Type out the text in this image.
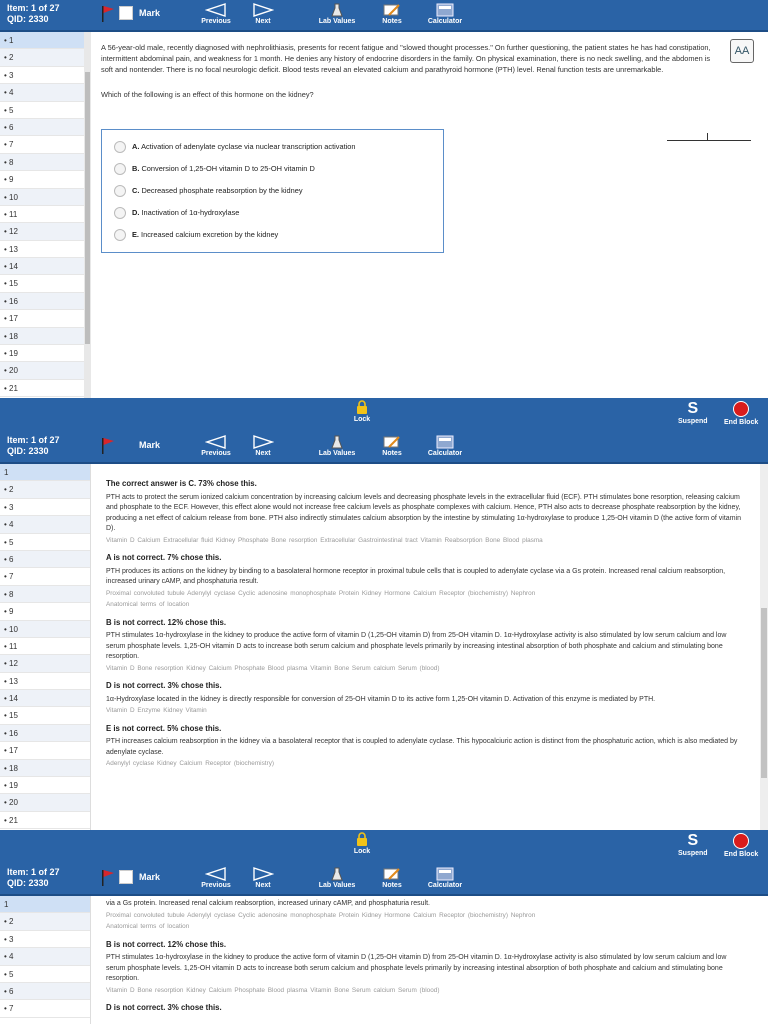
Item: 1 of 27
QID: 2330
Mark
Previous	Next	Lab Values	Notes	Calculator
• 1
• 2
• 3
• 4
• 5
• 6
• 7
• 8
• 9
• 10
• 11
• 12
• 13
• 14
• 15
• 16
• 17
• 18
• 19
• 20
• 21
A 56-year-old male, recently diagnosed with nephrolithiasis, presents for recent fatigue and "slowed thought processes." On further questioning, the patient states he has had constipation, intermittent abdominal pain, and weakness for 1 month. He denies any history of endocrine disorders in the family. On physical examination, there is no neck swelling, and the abdomen is soft and nontender. There is no focal neurologic deficit. Blood tests reveal an elevated calcium and parathyroid hormone (PTH) level. Renal function tests are unremarkable.
Which of the following is an effect of this hormone on the kidney?
AA
A. Activation of adenylate cyclase via nuclear transcription activation
B. Conversion of 1,25-OH vitamin D to 25-OH vitamin D
C. Decreased phosphate reabsorption by the kidney
D. Inactivation of 1α-hydroxylase
E. Increased calcium excretion by the kidney
Lock
S
Suspend End Block
Item: 1 of 27
QID: 2330
Mark
Previous	Next	Lab Values	Notes	Calculator
1
• 2
• 3
• 4
• 5
• 6
• 7
• 8
• 9
• 10
• 11
• 12
• 13
• 14
• 15
• 16
• 17
• 18
• 19
• 20
• 21
The correct answer is C. 73% chose this.

PTH acts to protect the serum ionized calcium concentration by increasing calcium levels and decreasing phosphate levels in the extracellular fluid (ECF). PTH stimulates bone resorption, releasing calcium and phosphate to the ECF. However, this effect alone would not increase free calcium levels as phosphate complexes with calcium. Hence, PTH also acts to decrease phosphate reabsorption by the kidney, producing a net effect of calcium release from bone. PTH also indirectly stimulates calcium absorption by the intestine by stimulating 1α-hydroxylase to produce 1,25-OH vitamin D (the active form of vitamin D).

Vitamin D Calcium Extracellular fluid Kidney Phosphate Bone resorption Extracellular Gastrointestinal tract Vitamin Reabsorption Bone Blood plasma
A is not correct. 7% chose this.

PTH produces its actions on the kidney by binding to a basolateral hormone receptor in proximal tubule cells that is coupled to adenylate cyclase via a Gs protein. Increased renal calcium reabsorption, increased urinary cAMP, and phosphaturia result.

Proximal convoluted tubule Adenylyl cyclase Cyclic adenosine monophosphate Protein Kidney Hormone Calcium Receptor (biochemistry) Nephron
Anatomical terms of location
B is not correct. 12% chose this.

PTH stimulates 1α-hydroxylase in the kidney to produce the active form of vitamin D (1,25-OH vitamin D) from 25-OH vitamin D. 1α-Hydroxylase activity is also stimulated by low serum calcium and low serum phosphate levels. 1,25-OH vitamin D acts to increase both serum calcium and phosphate levels primarily by increasing intestinal absorption of both phosphate and calcium and stimulating bone resorption.

Vitamin D Bone resorption Kidney Calcium Phosphate Blood plasma Vitamin Bone Serum calcium Serum (blood)
D is not correct. 3% chose this.

1α-Hydroxylase located in the kidney is directly responsible for conversion of 25-OH vitamin D to its active form 1,25-OH vitamin D. Activation of this enzyme is mediated by PTH.

Vitamin D Enzyme Kidney Vitamin
E is not correct. 5% chose this.

PTH increases calcium reabsorption in the kidney via a basolateral receptor that is coupled to adenylate cyclase. This hypocalciuric action is distinct from the phosphaturic action, which is also mediated by adenylate cyclase.

Adenylyl cyclase Kidney Calcium Receptor (biochemistry)
Lock
S
Suspend End Block
Item: 1 of 27
QID: 2330
Mark
Previous	Next	Lab Values	Notes	Calculator
1
• 2
• 3
• 4
• 5
• 6
• 7

via a Gs protein. Increased renal calcium reabsorption, increased urinary cAMP, and phosphaturia result.

Proximal convoluted tubule Adenylyl cyclase Cyclic adenosine monophosphate Protein Kidney Hormone Calcium Receptor (biochemistry) Nephron
Anatomical terms of location
B is not correct. 12% chose this.

PTH stimulates 1α-hydroxylase in the kidney to produce the active form of vitamin D (1,25-OH vitamin D) from 25-OH vitamin D. 1α-Hydroxylase activity is also stimulated by low serum calcium and low serum phosphate levels. 1,25-OH vitamin D acts to increase both serum calcium and phosphate levels primarily by increasing intestinal absorption of both phosphate and calcium and stimulating bone resorption.

Vitamin D Bone resorption Kidney Calcium Phosphate Blood plasma Vitamin Bone Serum calcium Serum (blood)
D is not correct. 3% chose this.
